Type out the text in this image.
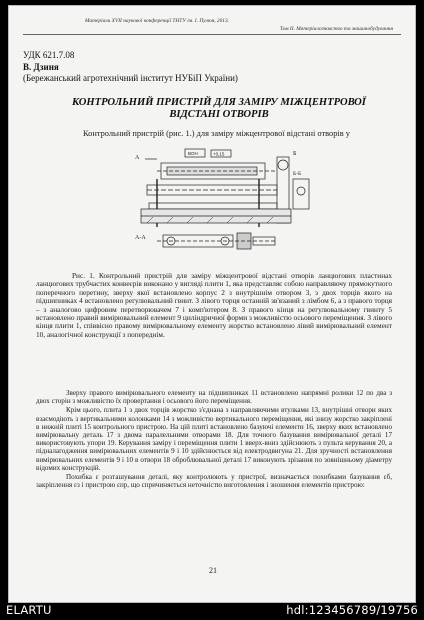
Матеріали XVII наукової конференції ТНТУ ім. І. Пулюя, 2013.
Том II. Матеріалознавство та машинобудування
УДК 621.7.08
В. Дзиня
(Бережанський агротехнічний інститут НУБіП України)
КОНТРОЛЬНИЙ ПРИСТРІЙ ДЛЯ ЗАМІРУ МІЖЦЕНТРОВОЇ ВІДСТАНІ ОТВОРІВ
Контрольний пристрій (рис. 1.) для заміру міжцентрової відстані отворів у
А
А-А
Б
Б-Б
BOH	+0,15

Рис. 1. Контрольний пристрій для заміру міжцентрової відстані отворів ланцюгових пластинах ланцюгових трубчастих конвеєрів виконано у вигляді плити 1, яка представляє собою направляючу прямокутного поперечного перетину, зверху якої встановлено корпус 2 з внутрішнім отвором 3, з двох торців якого на підшипниках 4 встановлено регулювальний гвинт. З лівого торця останній зв'язаний з лімбом 6, а з правого торця – з аналогово цифровим перетворювачем 7 і комп'ютером 8. З правого кінця на регулювальному гвинту 5 встановлено правий вимірювальний елемент 9 циліндричної форми з можливістю осьового переміщення. З лівого кінця плити 1, співвісно правому вимірювальному елементу жорстко встановлено лівий вимірювальний елемент 10, аналогічної конструкції з попереднім.

Зверху правого вимірювального елементу на підшипниках 11 встановлено напрямні ролики 12 по два з двох сторін з можливістю їх провертання і осьового його переміщення.

Крім цього, плита 1 з двох торців жорстко з'єднана з направляючими втулками 13, внутрішні отвори яких взаємодіють з вертикальними колонками 14 з можливістю вертикального переміщення, які знизу жорстко закріплені в нижній плиті 15 контрольного пристрою. На цій плиті встановлено базуючі елементи 16, зверху яких встановлено вимірювальну деталь 17 з двома паралельними отворами 18. Для точного базування вимірювальної деталі 17 використовують упори 19. Керування заміру і переміщення плити 1 вверх-вниз здійснюють з пульта керування 20, а підналагодження вимірювальних елементів 9 і 10 здійснюється від електродвигуна 21. Для зручності встановлення вимірювальних елементів 9 і 10 в отвори 18 оброблювальної деталі 17 виконують зрізання по зовнішньому діаметру відомих конструкцій.

Похибка ε розташування деталі, яку контролюють у пристрої, визначається похибками базування εб, закріплення εз і пристрою εпр, що спричиняється неточністю виготовлення і зношення елементів пристрою:

21
ELARTU	hdl:123456789/19756
